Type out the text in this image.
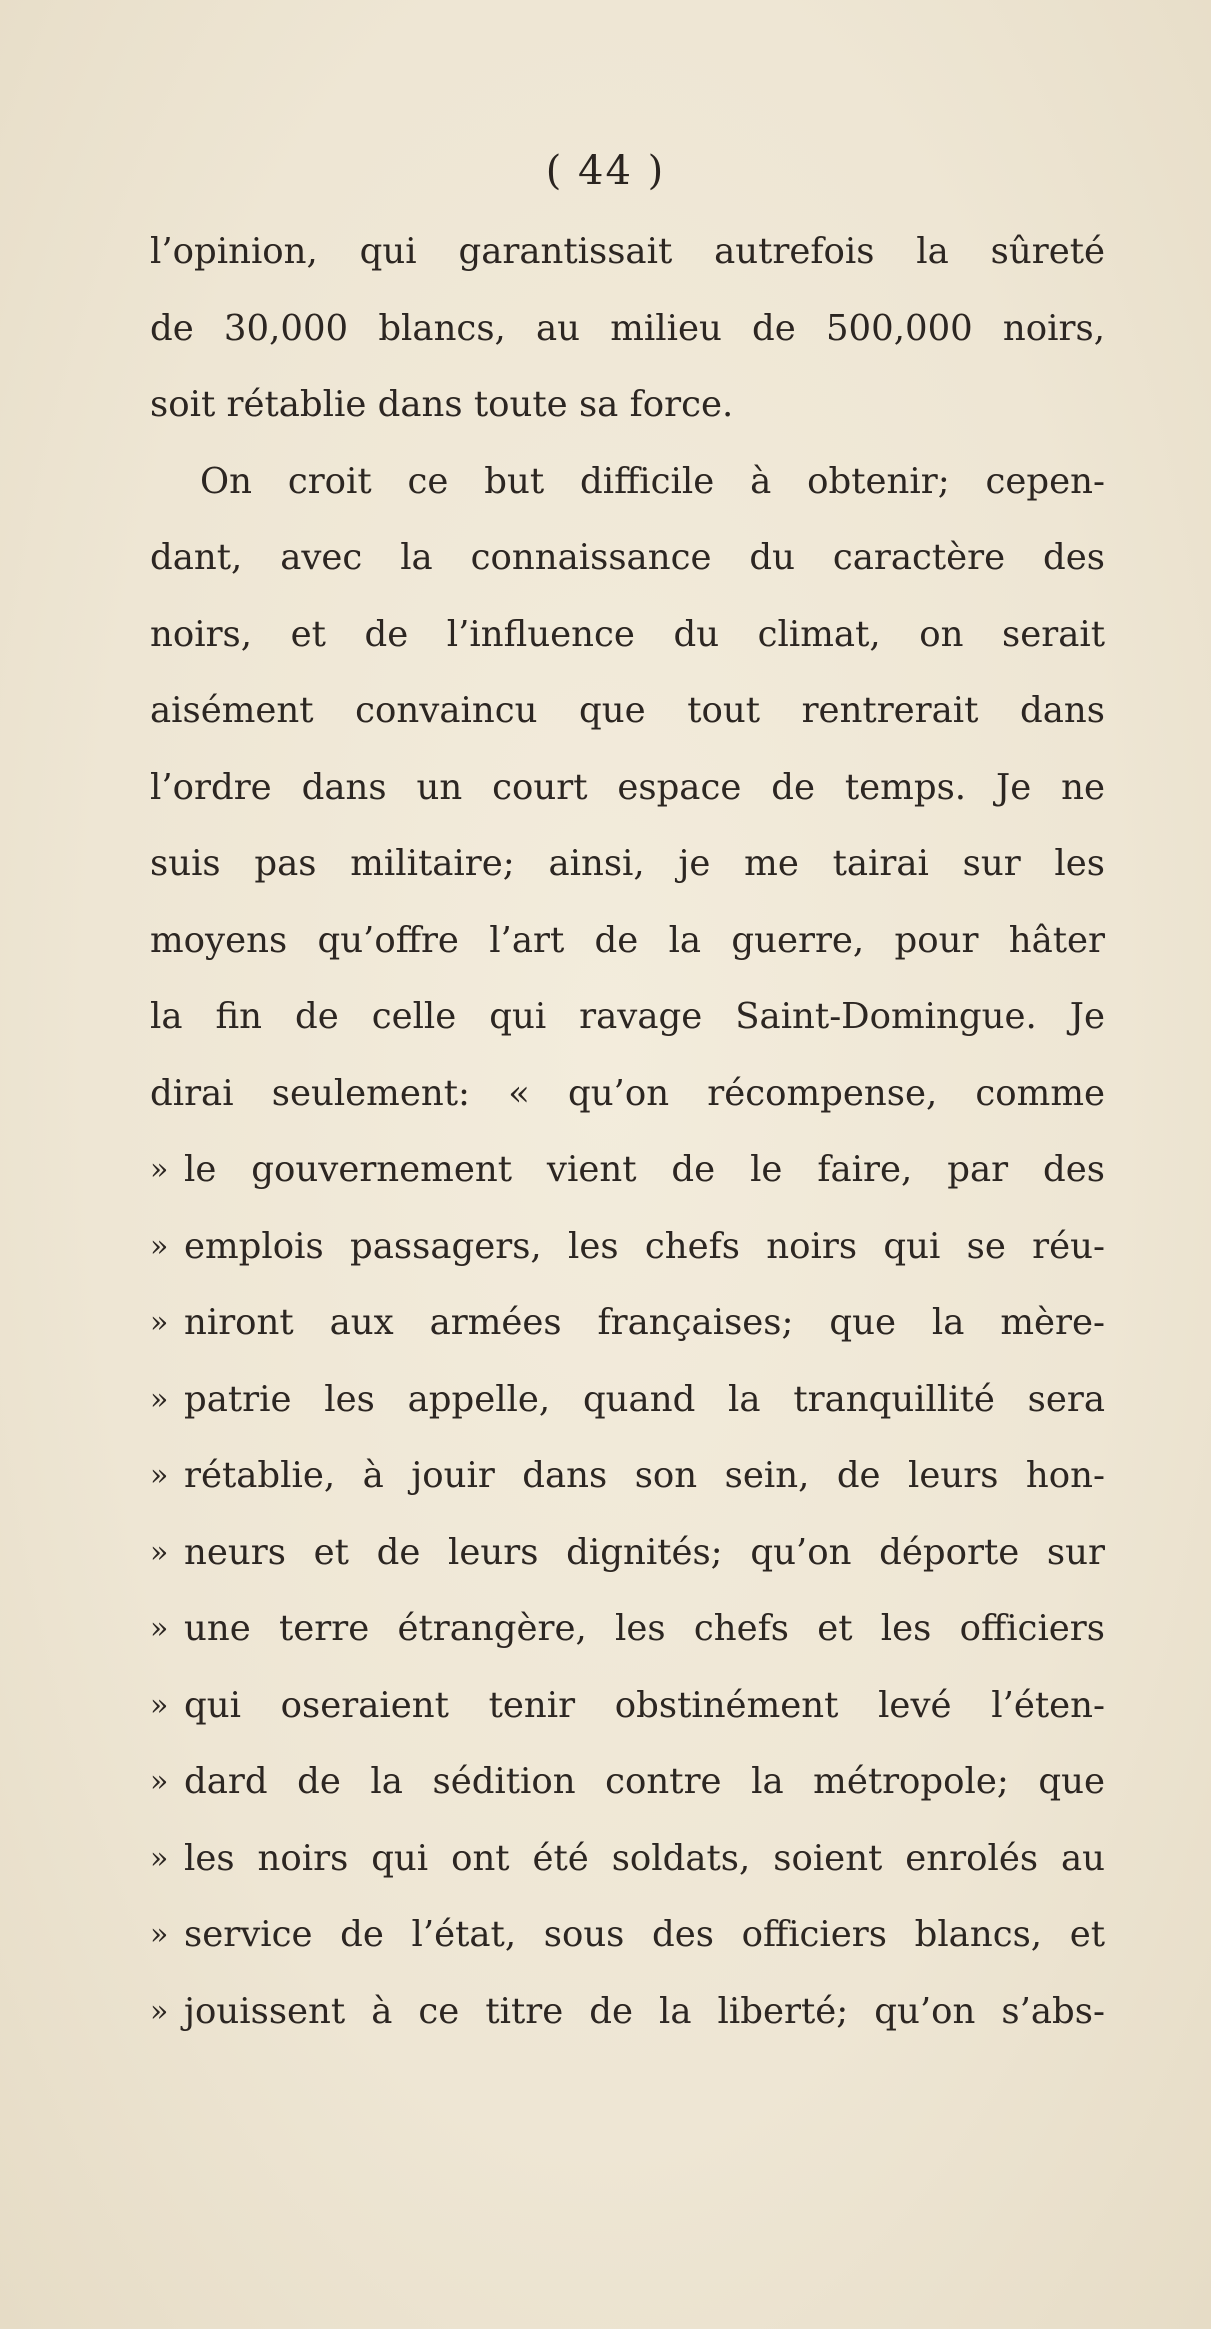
( 44 )
l’opinion, qui garantissait autrefois la sûreté
de 30,000 blancs, au milieu de 500,000 noirs,
soit rétablie dans toute sa force.
On croit ce but difficile à obtenir; cepen-
dant, avec la connaissance du caractère des
noirs, et de l’influence du climat, on serait
aisément convaincu que tout rentrerait dans
l’ordre dans un court espace de temps. Je ne
suis pas militaire; ainsi, je me tairai sur les
moyens qu’offre l’art de la guerre, pour hâter
la fin de celle qui ravage Saint-Domingue. Je
dirai seulement: « qu’on récompense, comme
» le gouvernement vient de le faire, par des
» emplois passagers, les chefs noirs qui se réu-
» niront aux armées françaises; que la mère-
» patrie les appelle, quand la tranquillité sera
» rétablie, à jouir dans son sein, de leurs hon-
» neurs et de leurs dignités; qu’on déporte sur
» une terre étrangère, les chefs et les officiers
» qui oseraient tenir obstinément levé l’éten-
» dard de la sédition contre la métropole; que
» les noirs qui ont été soldats, soient enrolés au
» service de l’état, sous des officiers blancs, et
» jouissent à ce titre de la liberté; qu’on s’abs-
